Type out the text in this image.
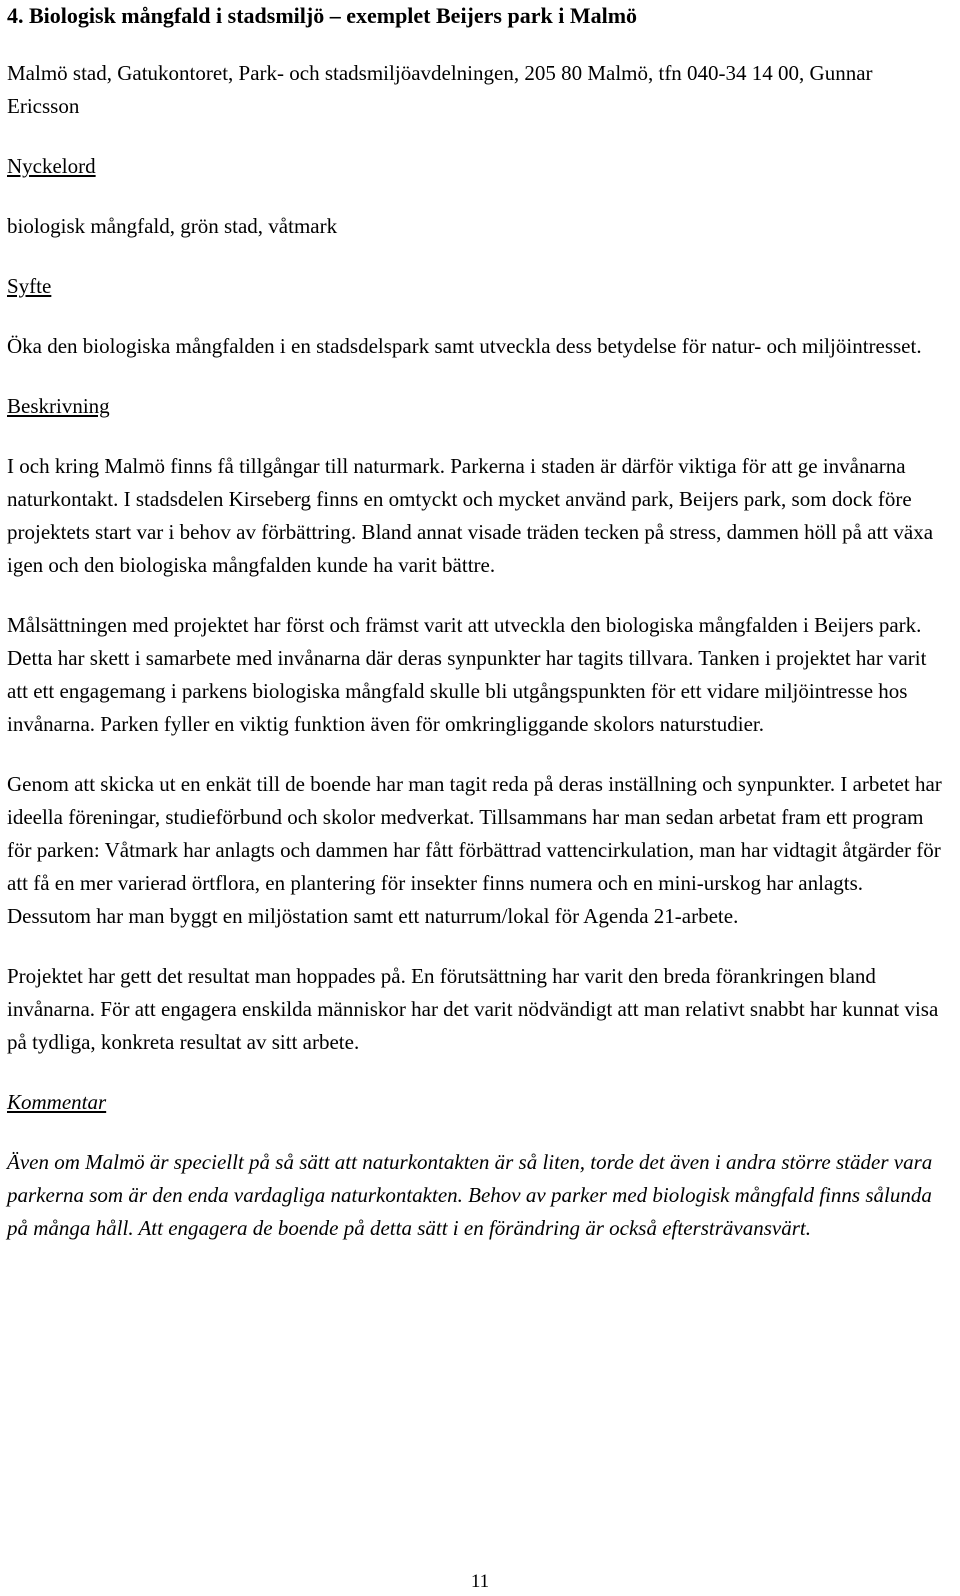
4. Biologisk mångfald i stadsmiljö – exemplet Beijers park i Malmö

Malmö stad, Gatukontoret, Park- och stadsmiljöavdelningen, 205 80 Malmö, tfn 040-34 14 00, Gunnar Ericsson

Nyckelord

biologisk mångfald, grön stad, våtmark

Syfte

Öka den biologiska mångfalden i en stadsdelspark samt utveckla dess betydelse för natur- och miljöintresset.

Beskrivning

I och kring Malmö finns få tillgångar till naturmark. Parkerna i staden är därför viktiga för att ge invånarna naturkontakt. I stadsdelen Kirseberg finns en omtyckt och mycket använd park, Beijers park, som dock före projektets start var i behov av förbättring. Bland annat visade träden tecken på stress, dammen höll på att växa igen och den biologiska mångfalden kunde ha varit bättre.

Målsättningen med projektet har först och främst varit att utveckla den biologiska mångfalden i Beijers park. Detta har skett i samarbete med invånarna där deras synpunkter har tagits tillvara. Tanken i projektet har varit att ett engagemang i parkens biologiska mångfald skulle bli utgångspunkten för ett vidare miljöintresse hos invånarna. Parken fyller en viktig funktion även för omkringliggande skolors naturstudier.

Genom att skicka ut en enkät till de boende har man tagit reda på deras inställning och synpunkter. I arbetet har ideella föreningar, studieförbund och skolor medverkat. Tillsammans har man sedan arbetat fram ett program för parken: Våtmark har anlagts och dammen har fått förbättrad vattencirkulation, man har vidtagit åtgärder för att få en mer varierad örtflora, en plantering för insekter finns numera och en mini-urskog har anlagts. Dessutom har man byggt en miljöstation samt ett naturrum/lokal för Agenda 21-arbete.

Projektet har gett det resultat man hoppades på. En förutsättning har varit den breda förankringen bland invånarna. För att engagera enskilda människor har det varit nödvändigt att man relativt snabbt har kunnat visa på tydliga, konkreta resultat av sitt arbete.

Kommentar

Även om Malmö är speciellt på så sätt att naturkontakten är så liten, torde det även i andra större städer vara parkerna som är den enda vardagliga naturkontakten. Behov av parker med biologisk mångfald finns sålunda på många håll. Att engagera de boende på detta sätt i en förändring är också eftersträvansvärt.

11
